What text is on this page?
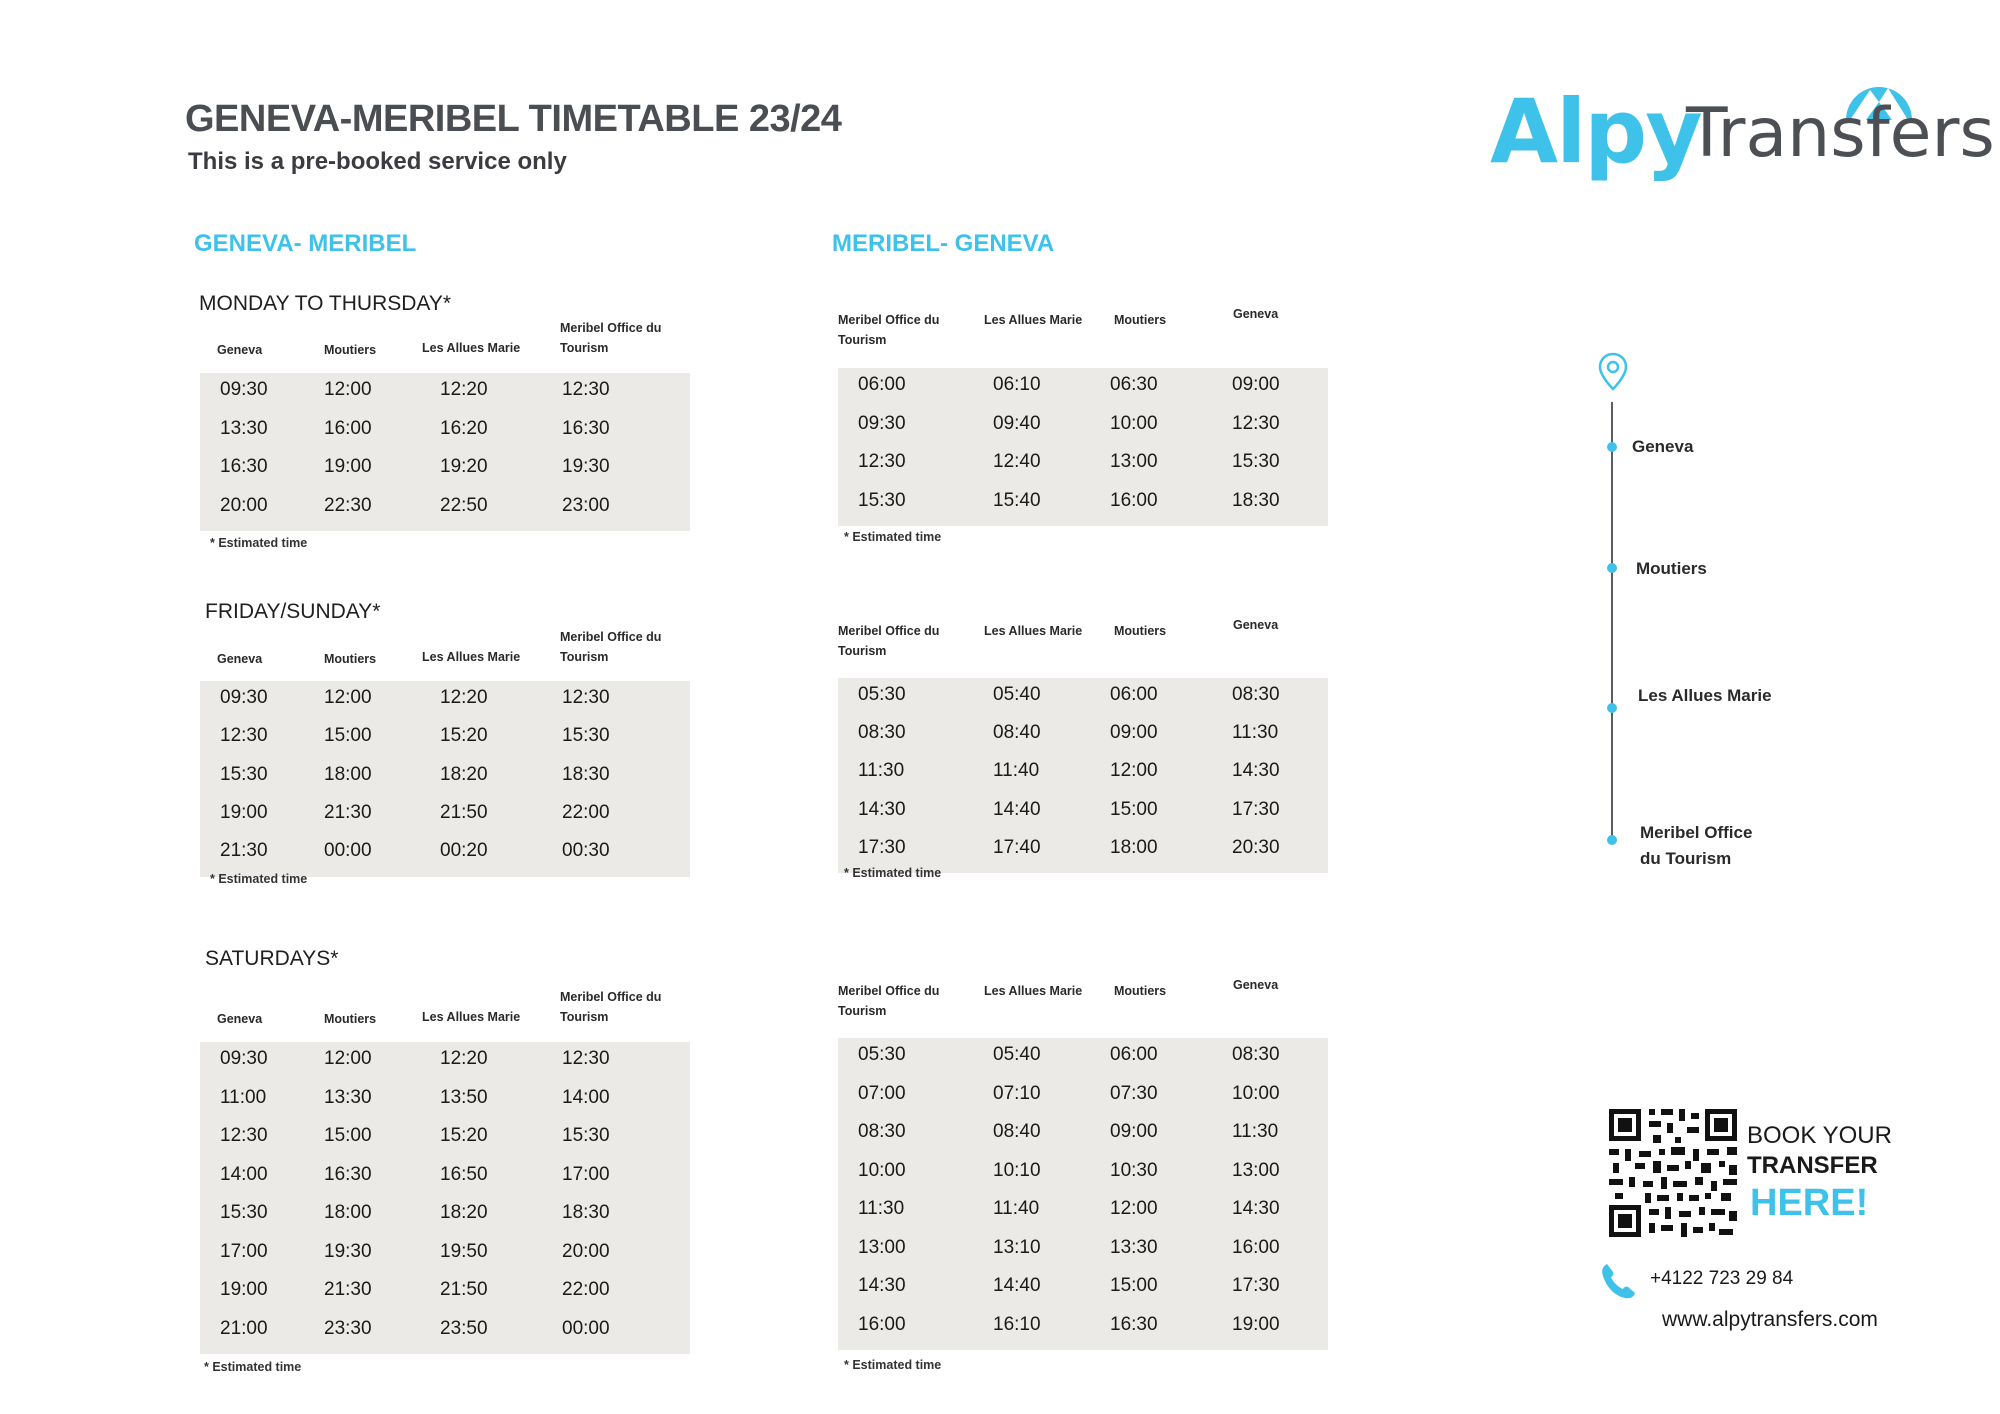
GENEVA-MERIBEL TIMETABLE 23/24
This is a pre-booked service only	Alpy
Transfers
GENEVA- MERIBEL	MERIBEL- GENEVA
MONDAY TO THURSDAY*
FRIDAY/SUNDAY*
SATURDAYS*
Geneva	Moutiers	Les Allues Marie
Meribel Office du Tourism
09:30	12:00	12:20	12:30
13:30	16:00	16:20	16:30
16:30	19:00	19:20	19:30
20:00	22:30	22:50	23:00
* Estimated time
Meribel Office du Tourism
Les Allues Marie	Moutiers	Geneva
06:00	06:10	06:30	09:00
09:30	09:40	10:00	12:30
12:30	12:40	13:00	15:30
15:30	15:40	16:00	18:30
* Estimated time
Geneva	Moutiers	Les Allues Marie
Meribel Office du Tourism
09:30	12:00	12:20	12:30
12:30	15:00	15:20	15:30
15:30	18:00	18:20	18:30
19:00	21:30	21:50	22:00
21:30	00:00	00:20	00:30
* Estimated time
Meribel Office du Tourism
Les Allues Marie	Moutiers	Geneva
05:30	05:40	06:00	08:30
08:30	08:40	09:00	11:30
11:30	11:40	12:00	14:30
14:30	14:40	15:00	17:30
17:30	17:40	18:00	20:30
* Estimated time
Geneva	Moutiers	Les Allues Marie
Meribel Office du Tourism
09:30	12:00	12:20	12:30
11:00	13:30	13:50	14:00
12:30	15:00	15:20	15:30
14:00	16:30	16:50	17:00
15:30	18:00	18:20	18:30
17:00	19:30	19:50	20:00
19:00	21:30	21:50	22:00
21:00	23:30	23:50	00:00
* Estimated time
Meribel Office du Tourism
Les Allues Marie	Moutiers	Geneva
05:30	05:40	06:00	08:30
07:00	07:10	07:30	10:00
08:30	08:40	09:00	11:30
10:00	10:10	10:30	13:00
11:30	11:40	12:00	14:30
13:00	13:10	13:30	16:00
14:30	14:40	15:00	17:30
16:00	16:10	16:30	19:00
* Estimated time
Geneva
Moutiers
Les Allues Marie
Meribel Office du Tourism
BOOK YOUR
TRANSFER
HERE!
+4122 723 29 84
www.alpytransfers.com
